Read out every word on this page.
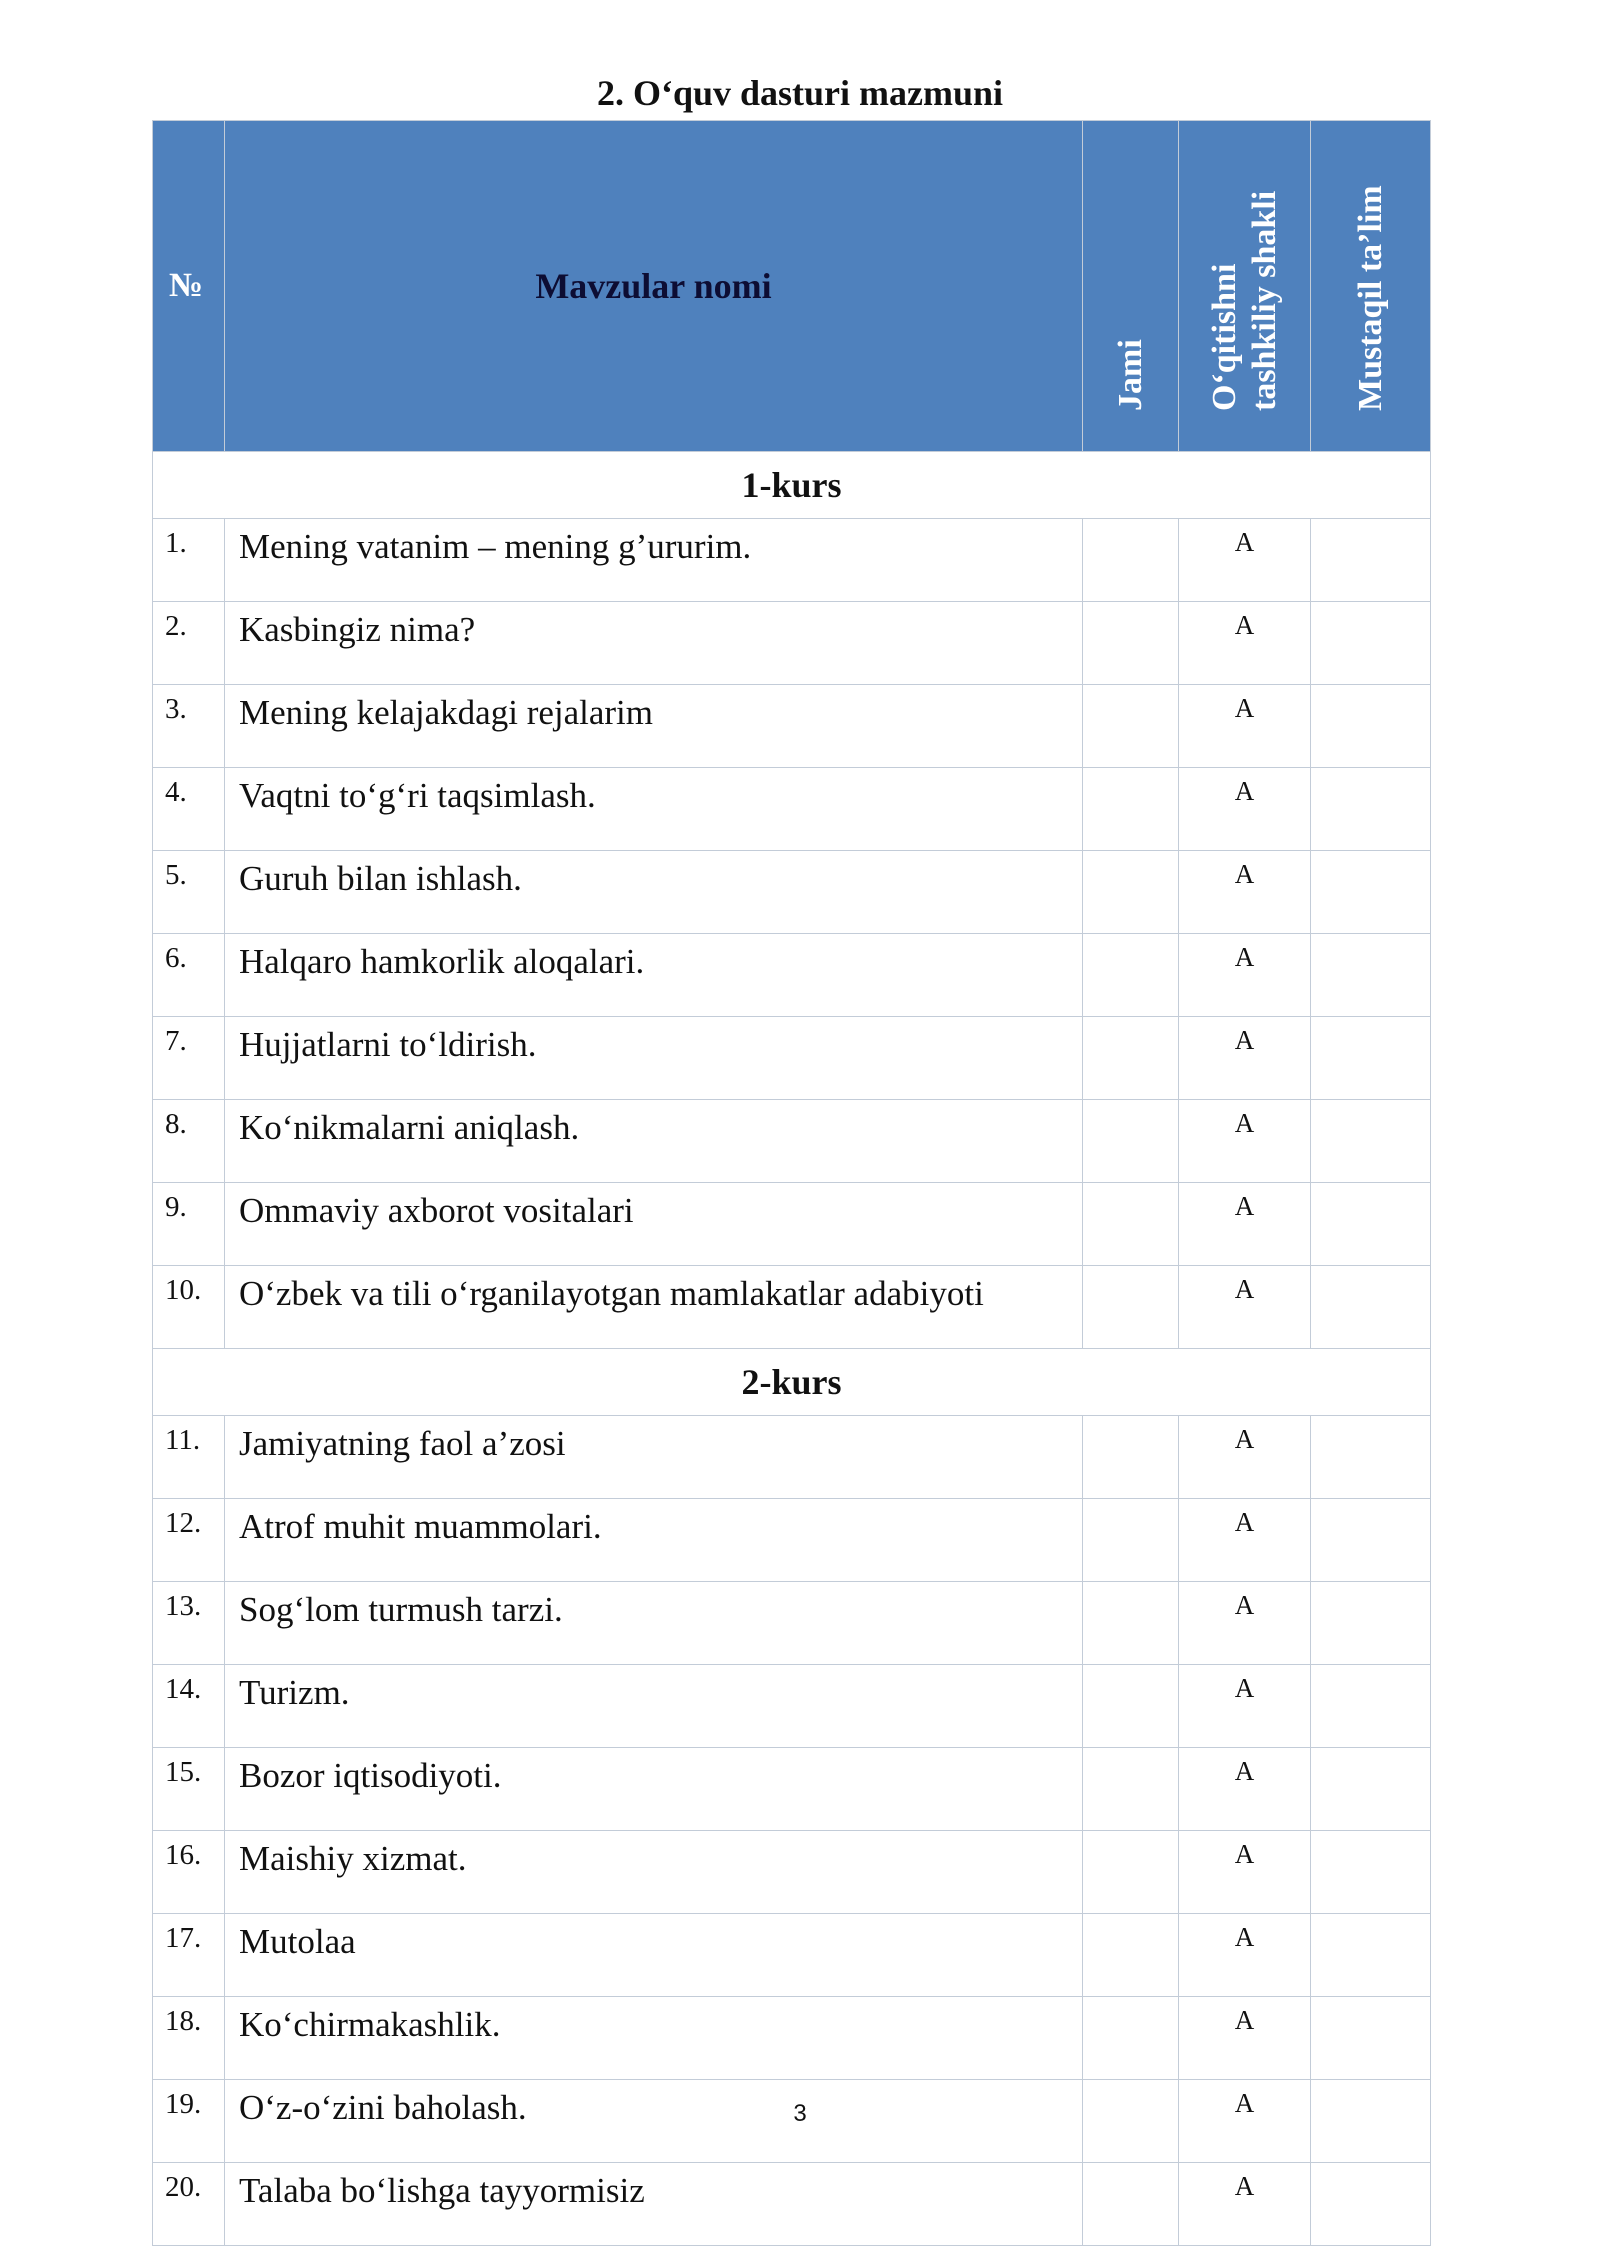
2. O‘quv dasturi mazmuni
№	Mavzular nomi	Jami	O‘qitishni tashkiliy shakli	Mustaqil ta’lim

1-kurs				
1.	Mening vatanim – mening g’ururim.		A	
2.	Kasbingiz nima?		A	
3.	Mening kelajakdagi rejalarim		A	
4.	Vaqtni to‘g‘ri taqsimlash.		A	
5.	Guruh bilan ishlash.		A	
6.	Halqaro hamkorlik aloqalari.		A	
7.	Hujjatlarni to‘ldirish.		A	
8.	Ko‘nikmalarni aniqlash.		A	
9.	Ommaviy axborot vositalari		A	
10.	O‘zbek va tili o‘rganilayotgan mamlakatlar adabiyoti		A	
2-kurs				
11.	Jamiyatning faol a’zosi		A	
12.	Atrof muhit muammolari.		A	
13.	Sog‘lom turmush tarzi.		A	
14.	Turizm.		A	
15.	Bozor iqtisodiyoti.		A	
16.	Maishiy xizmat.		A	
17.	Mutolaa		A	
18.	Ko‘chirmakashlik.		A	
19.	O‘z-o‘zini baholash.		A	
20.	Talaba bo‘lishga tayyormisiz		A	
3
